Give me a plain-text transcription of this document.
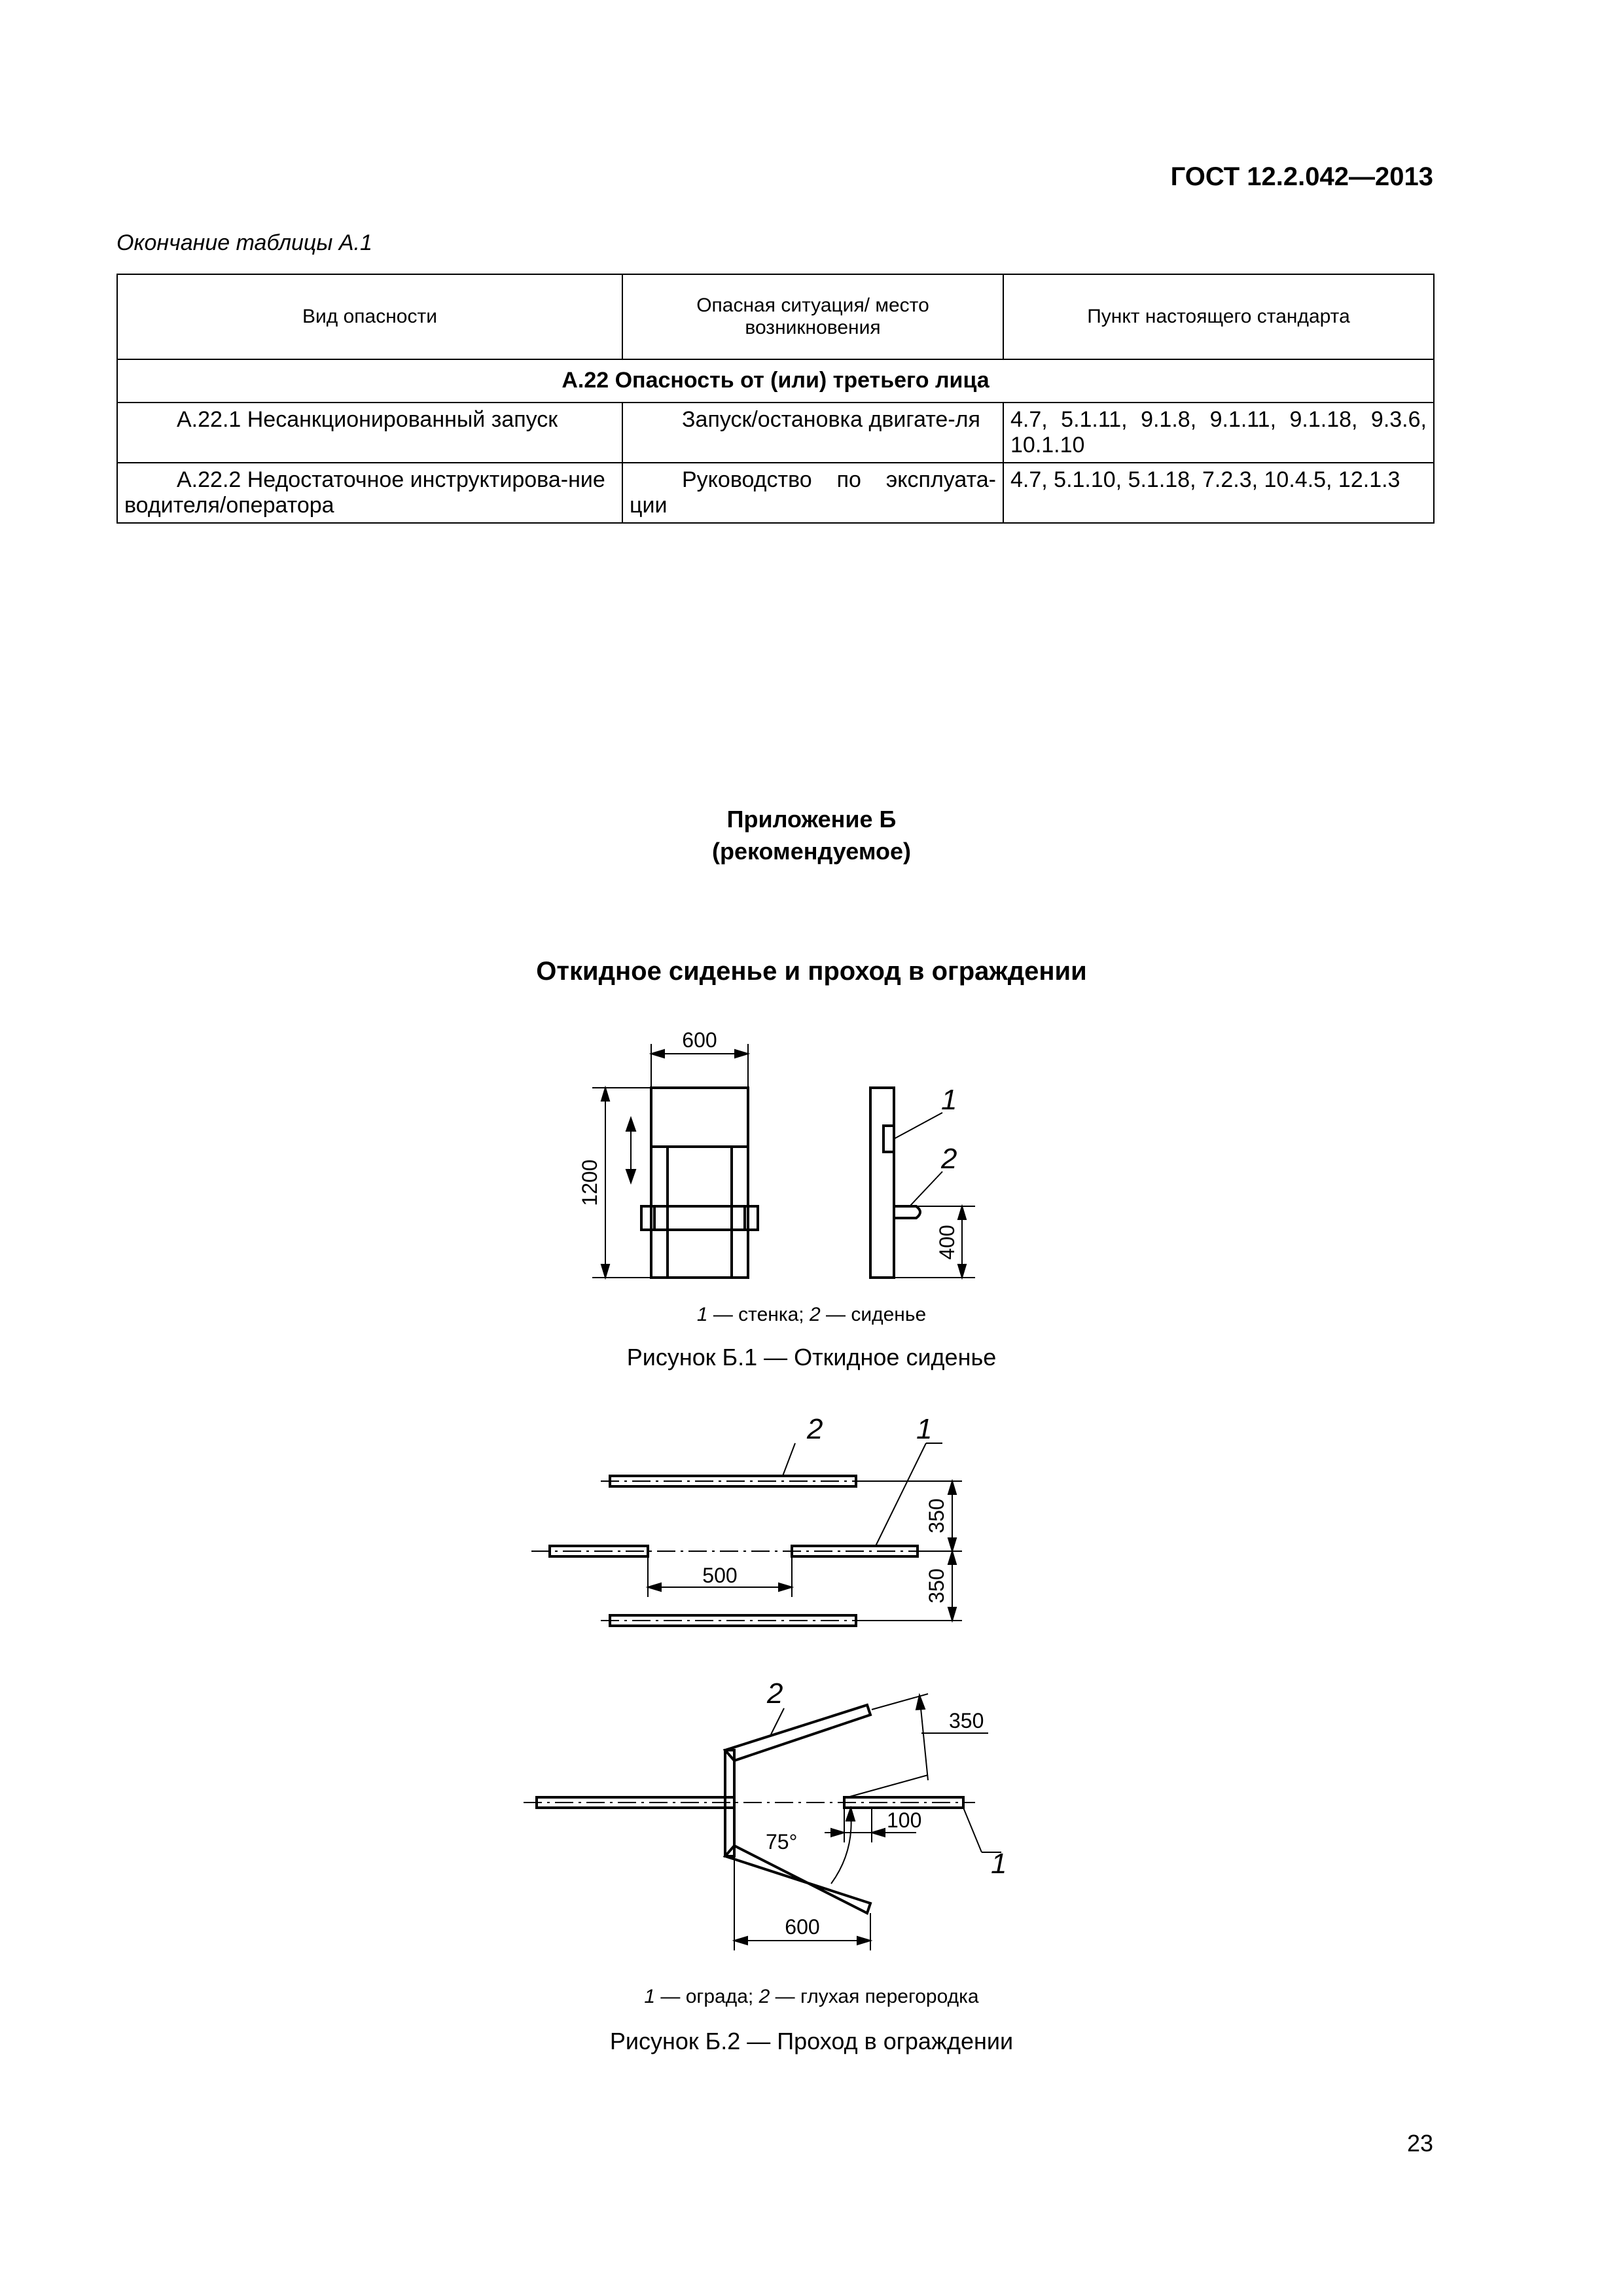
ГОСТ 12.2.042—2013
Окончание таблицы А.1
Вид опасности	Опасная ситуация/ место возникновения	Пункт настоящего стандарта
А.22 Опасность от (или) третьего лица		
А.22.1 Несанкционированный запуск	Запуск/остановка двигате-ля	4.7, 5.1.11, 9.1.8, 9.1.11, 9.1.18, 9.3.6, 10.1.10
А.22.2 Недостаточное инструктирова-ние водителя/оператора	Руководство по эксплуата-ции	4.7, 5.1.10, 5.1.18, 7.2.3, 10.4.5, 12.1.3
Приложение Б
(рекомендуемое)
Откидное сиденье и проход в ограждении
600
1200
400
1
2
1 — стенка; 2 — сиденье
Рисунок Б.1 — Откидное сиденье
2	1
500
350
350
2
350
75°
100
1
600
1 — ограда; 2 — глухая перегородка
Рисунок Б.2 — Проход в ограждении
23
